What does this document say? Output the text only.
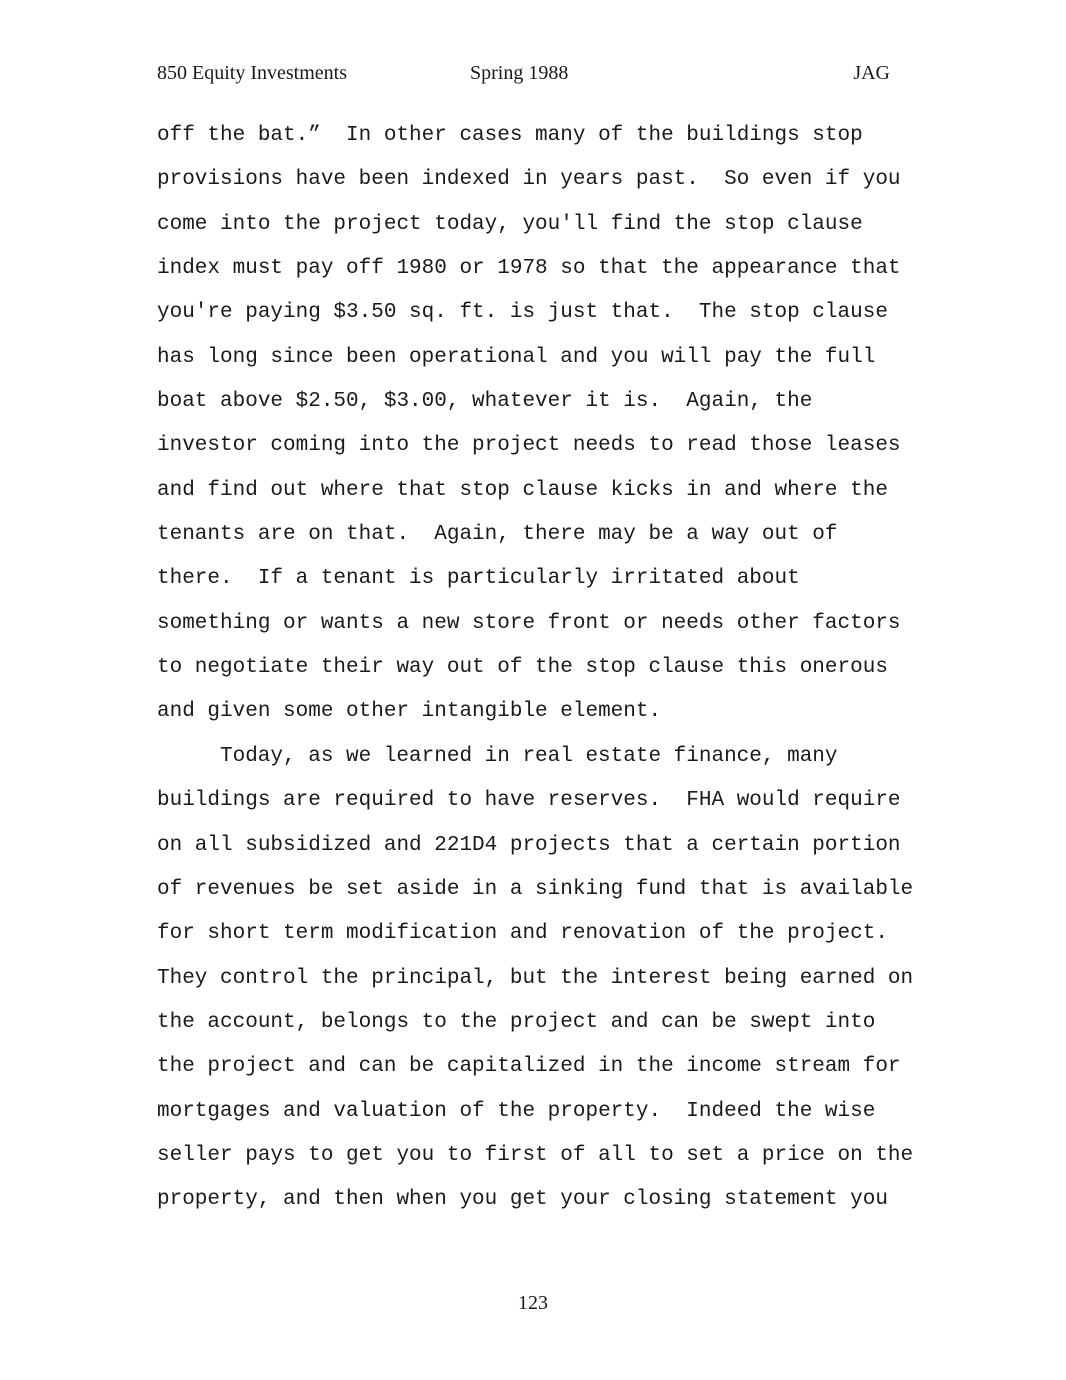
850 Equity Investments	Spring 1988	JAG
off the bat.”  In other cases many of the buildings stop
provisions have been indexed in years past.  So even if you
come into the project today, you'll find the stop clause
index must pay off 1980 or 1978 so that the appearance that
you're paying $3.50 sq. ft. is just that.  The stop clause
has long since been operational and you will pay the full
boat above $2.50, $3.00, whatever it is.  Again, the
investor coming into the project needs to read those leases
and find out where that stop clause kicks in and where the
tenants are on that.  Again, there may be a way out of
there.  If a tenant is particularly irritated about
something or wants a new store front or needs other factors
to negotiate their way out of the stop clause this onerous
and given some other intangible element.
Today, as we learned in real estate finance, many
buildings are required to have reserves.  FHA would require
on all subsidized and 221D4 projects that a certain portion
of revenues be set aside in a sinking fund that is available
for short term modification and renovation of the project.
They control the principal, but the interest being earned on
the account, belongs to the project and can be swept into
the project and can be capitalized in the income stream for
mortgages and valuation of the property.  Indeed the wise
seller pays to get you to first of all to set a price on the
property, and then when you get your closing statement you
123
